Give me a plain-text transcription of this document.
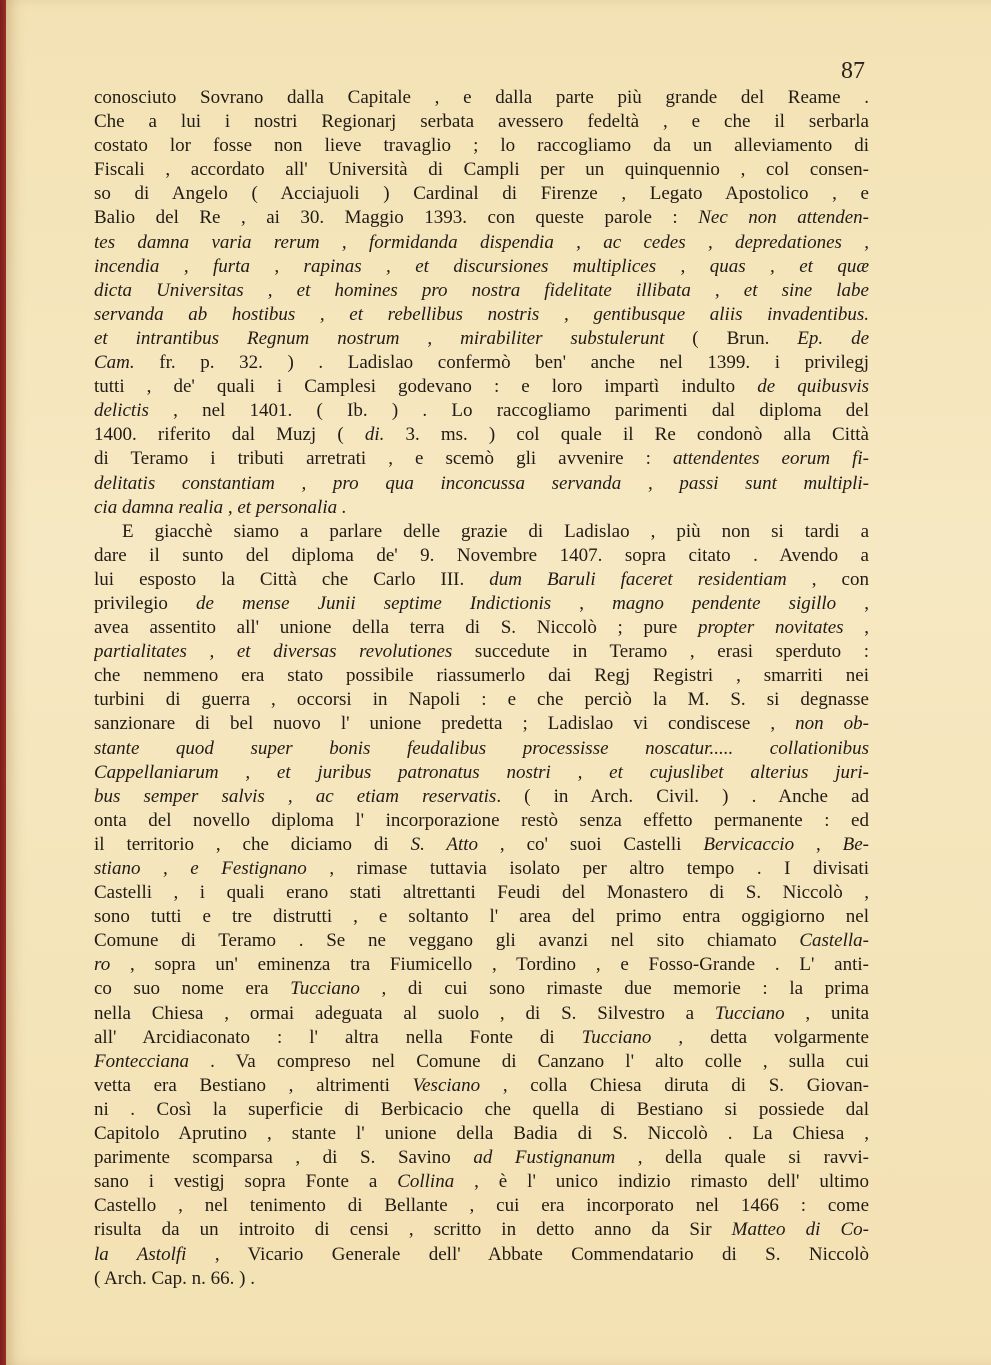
87
conosciuto Sovrano dalla Capitale , e dalla parte più grande del Reame .
Che a lui i nostri Regionarj serbata avessero fedeltà , e che il serbarla
costato lor fosse non lieve travaglio ; lo raccogliamo da un alleviamento di
Fiscali , accordato all' Università di Campli per un quinquennio , col consen-
so di Angelo ( Acciajuoli ) Cardinal di Firenze , Legato Apostolico , e
Balio del Re , ai 30. Maggio 1393. con queste parole : Nec non attenden-
tes damna varia rerum , formidanda dispendia , ac cedes , depredationes ,
incendia , furta , rapinas , et discursiones multiplices , quas , et quæ
dicta Universitas , et homines pro nostra fidelitate illibata , et sine labe
servanda ab hostibus , et rebellibus nostris , gentibusque aliis invadentibus.
et intrantibus Regnum nostrum , mirabiliter substulerunt ( Brun. Ep. de
Cam. fr. p. 32. ) . Ladislao confermò ben' anche nel 1399. i privilegj
tutti , de' quali i Camplesi godevano : e loro impartì indulto de quibusvis
delictis , nel 1401. ( Ib. ) . Lo raccogliamo parimenti dal diploma del
1400. riferito dal Muzj ( di. 3. ms. ) col quale il Re condonò alla Città
di Teramo i tributi arretrati , e scemò gli avvenire : attendentes eorum fi-
delitatis constantiam , pro qua inconcussa servanda , passi sunt multipli-
cia damna realia , et personalia .
E giacchè siamo a parlare delle grazie di Ladislao , più non si tardi a
dare il sunto del diploma de' 9. Novembre 1407. sopra citato . Avendo a
lui esposto la Città che Carlo III. dum Baruli faceret residentiam , con
privilegio de mense Junii septime Indictionis , magno pendente sigillo ,
avea assentito all' unione della terra di S. Niccolò ; pure propter novitates ,
partialitates , et diversas revolutiones succedute in Teramo , erasi sperduto :
che nemmeno era stato possibile riassumerlo dai Regj Registri , smarriti nei
turbini di guerra , occorsi in Napoli : e che perciò la M. S. si degnasse
sanzionare di bel nuovo l' unione predetta ; Ladislao vi condiscese , non ob-
stante quod super bonis feudalibus processisse noscatur..... collationibus
Cappellaniarum , et juribus patronatus nostri , et cujuslibet alterius juri-
bus semper salvis , ac etiam reservatis. ( in Arch. Civil. ) . Anche ad
onta del novello diploma l' incorporazione restò senza effetto permanente : ed
il territorio , che diciamo di S. Atto , co' suoi Castelli Bervicaccio , Be-
stiano , e Festignano , rimase tuttavia isolato per altro tempo . I divisati
Castelli , i quali erano stati altrettanti Feudi del Monastero di S. Niccolò ,
sono tutti e tre distrutti , e soltanto l' area del primo entra oggigiorno nel
Comune di Teramo . Se ne veggano gli avanzi nel sito chiamato Castella-
ro , sopra un' eminenza tra Fiumicello , Tordino , e Fosso-Grande . L' anti-
co suo nome era Tucciano , di cui sono rimaste due memorie : la prima
nella Chiesa , ormai adeguata al suolo , di S. Silvestro a Tucciano , unita
all' Arcidiaconato : l' altra nella Fonte di Tucciano , detta volgarmente
Fontecciana . Va compreso nel Comune di Canzano l' alto colle , sulla cui
vetta era Bestiano , altrimenti Vesciano , colla Chiesa diruta di S. Giovan-
ni . Così la superficie di Berbicacio che quella di Bestiano si possiede dal
Capitolo Aprutino , stante l' unione della Badia di S. Niccolò . La Chiesa ,
parimente scomparsa , di S. Savino ad Fustignanum , della quale si ravvi-
sano i vestigj sopra Fonte a Collina , è l' unico indizio rimasto dell' ultimo
Castello , nel tenimento di Bellante , cui era incorporato nel 1466 : come
risulta da un introito di censi , scritto in detto anno da Sir Matteo di Co-
la Astolfi , Vicario Generale dell' Abbate Commendatario di S. Niccolò
( Arch. Cap. n. 66. ) .
